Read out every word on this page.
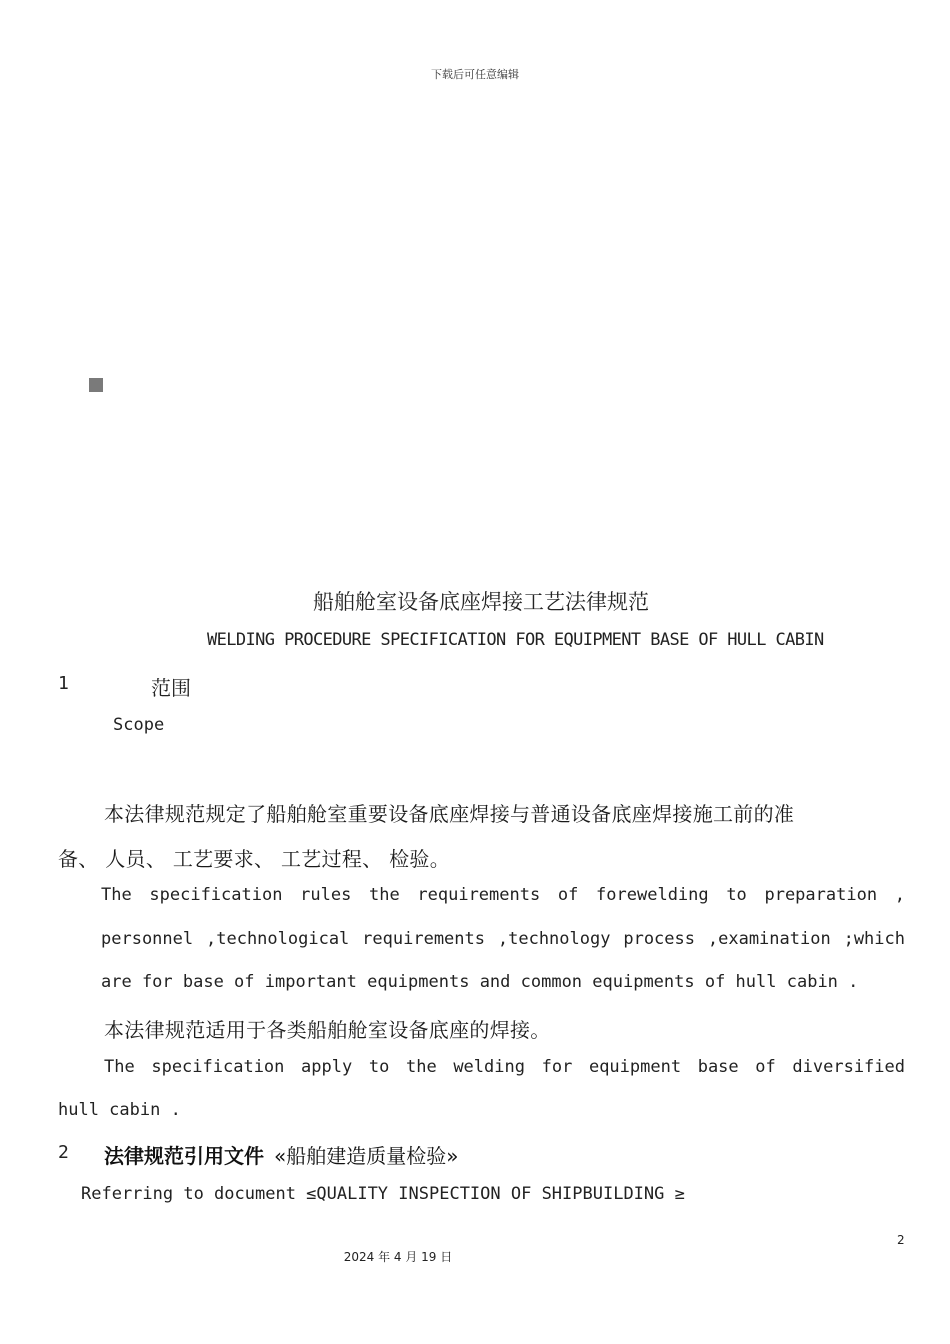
下载后可任意编辑
船舶舱室设备底座焊接工艺法律规范
WELDING PROCEDURE SPECIFICATION FOR EQUIPMENT BASE OF HULL CABIN
1	范围
Scope
本法律规范规定了船舶舱室重要设备底座焊接与普通设备底座焊接施工前的准
备、 人员、 工艺要求、 工艺过程、 检验。
The specification rules the requirements of forewelding to preparation ,
personnel ,technological requirements ,technology process ,examination ;which
are for base of important equipments and common equipments of hull cabin .
本法律规范适用于各类船舶舱室设备底座的焊接。
The specification apply to the welding for equipment base of diversified
hull cabin .
2 法律规范引用文件 «船舶建造质量检验»
Referring to document ≤QUALITY INSPECTION OF SHIPBUILDING ≥
2
2024 年 4 月 19 日
